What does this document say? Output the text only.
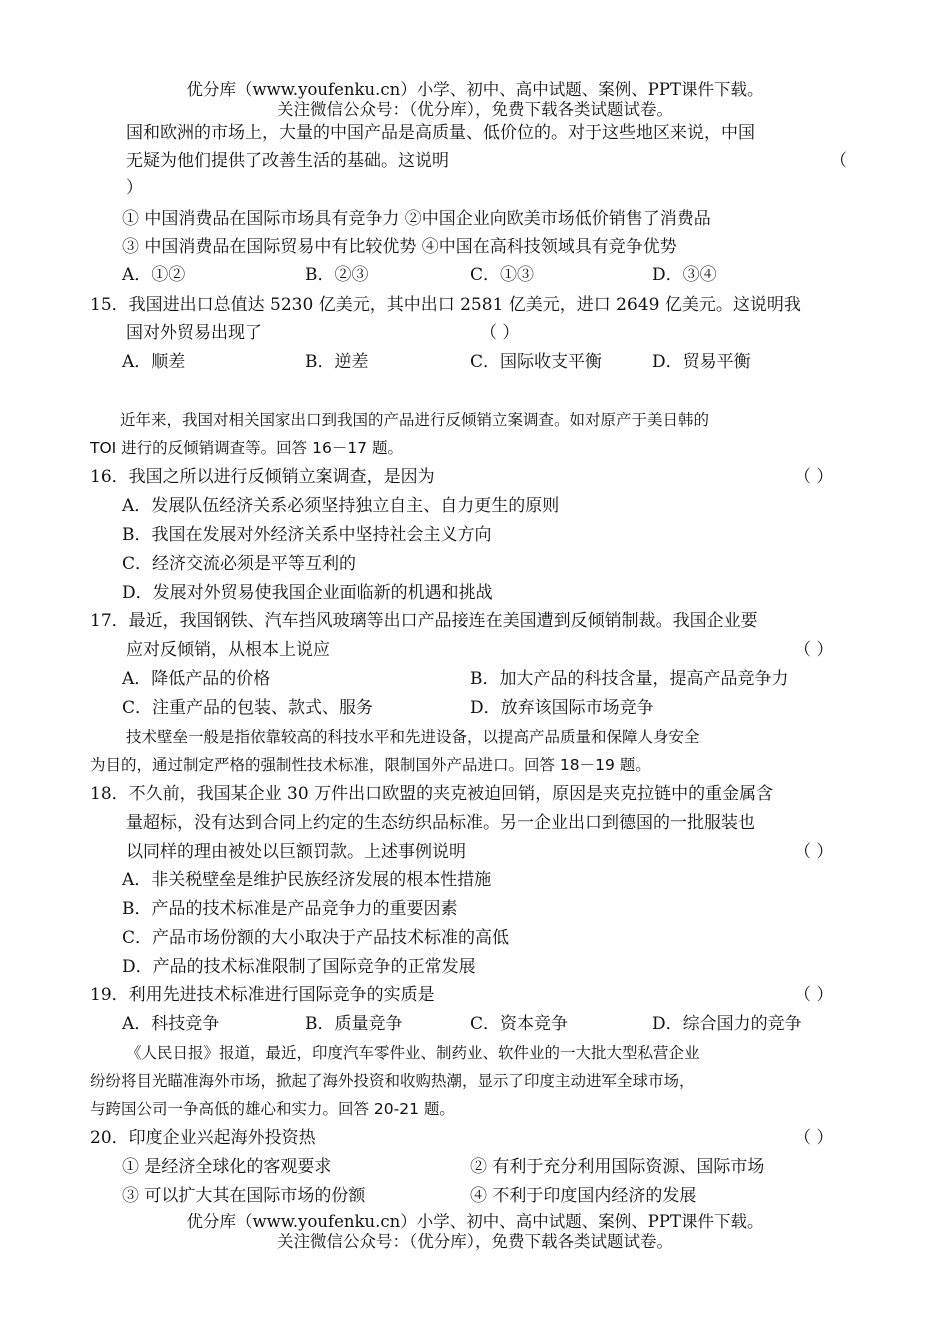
优分库（www.youfenku.cn）小学、初中、高中试题、案例、PPT课件下载。
关注微信公众号：（优分库），免费下载各类试题试卷。
国和欧洲的市场上，大量的中国产品是高质量、低价位的。对于这些地区来说，中国
无疑为他们提供了改善生活的基础。这说明	（
）
① 中国消费品在国际市场具有竞争力 ②中国企业向欧美市场低价销售了消费品
③ 中国消费品在国际贸易中有比较优势 ④中国在高科技领域具有竞争优势
A．①②	B．②③	C．①③	D．③④
15．我国进出口总值达 5230 亿美元，其中出口 2581 亿美元，进口 2649 亿美元。这说明我
国对外贸易出现了	（ ）
A．顺差	B．逆差	C．国际收支平衡	D．贸易平衡
近年来，我国对相关国家出口到我国的产品进行反倾销立案调查。如对原产于美日韩的
TOI 进行的反倾销调查等。回答 16－17 题。
16．我国之所以进行反倾销立案调查，是因为	（ ）
A．发展队伍经济关系必须坚持独立自主、自力更生的原则
B．我国在发展对外经济关系中坚持社会主义方向
C．经济交流必须是平等互利的
D．发展对外贸易使我国企业面临新的机遇和挑战
17．最近，我国钢铁、汽车挡风玻璃等出口产品接连在美国遭到反倾销制裁。我国企业要
应对反倾销，从根本上说应	（ ）
A．降低产品的价格	B．加大产品的科技含量，提高产品竞争力
C．注重产品的包装、款式、服务	D．放弃该国际市场竞争
技术壁垒一般是指依靠较高的科技水平和先进设备，以提高产品质量和保障人身安全
为目的，通过制定严格的强制性技术标准，限制国外产品进口。回答 18－19 题。
18．不久前，我国某企业 30 万件出口欧盟的夹克被迫回销，原因是夹克拉链中的重金属含
量超标，没有达到合同上约定的生态纺织品标准。另一企业出口到德国的一批服装也
以同样的理由被处以巨额罚款。上述事例说明	（ ）
A．非关税壁垒是维护民族经济发展的根本性措施
B．产品的技术标准是产品竞争力的重要因素
C．产品市场份额的大小取决于产品技术标准的高低
D．产品的技术标准限制了国际竞争的正常发展
19．利用先进技术标准进行国际竞争的实质是	（ ）
A．科技竞争	B．质量竞争	C．资本竞争	D．综合国力的竞争
《人民日报》报道，最近，印度汽车零件业、制药业、软件业的一大批大型私营企业
纷纷将目光瞄准海外市场，掀起了海外投资和收购热潮，显示了印度主动进军全球市场，
与跨国公司一争高低的雄心和实力。回答 20-21 题。
20．印度企业兴起海外投资热	（ ）
① 是经济全球化的客观要求	② 有利于充分利用国际资源、国际市场
③ 可以扩大其在国际市场的份额	④ 不利于印度国内经济的发展
优分库（www.youfenku.cn）小学、初中、高中试题、案例、PPT课件下载。
关注微信公众号：（优分库），免费下载各类试题试卷。
